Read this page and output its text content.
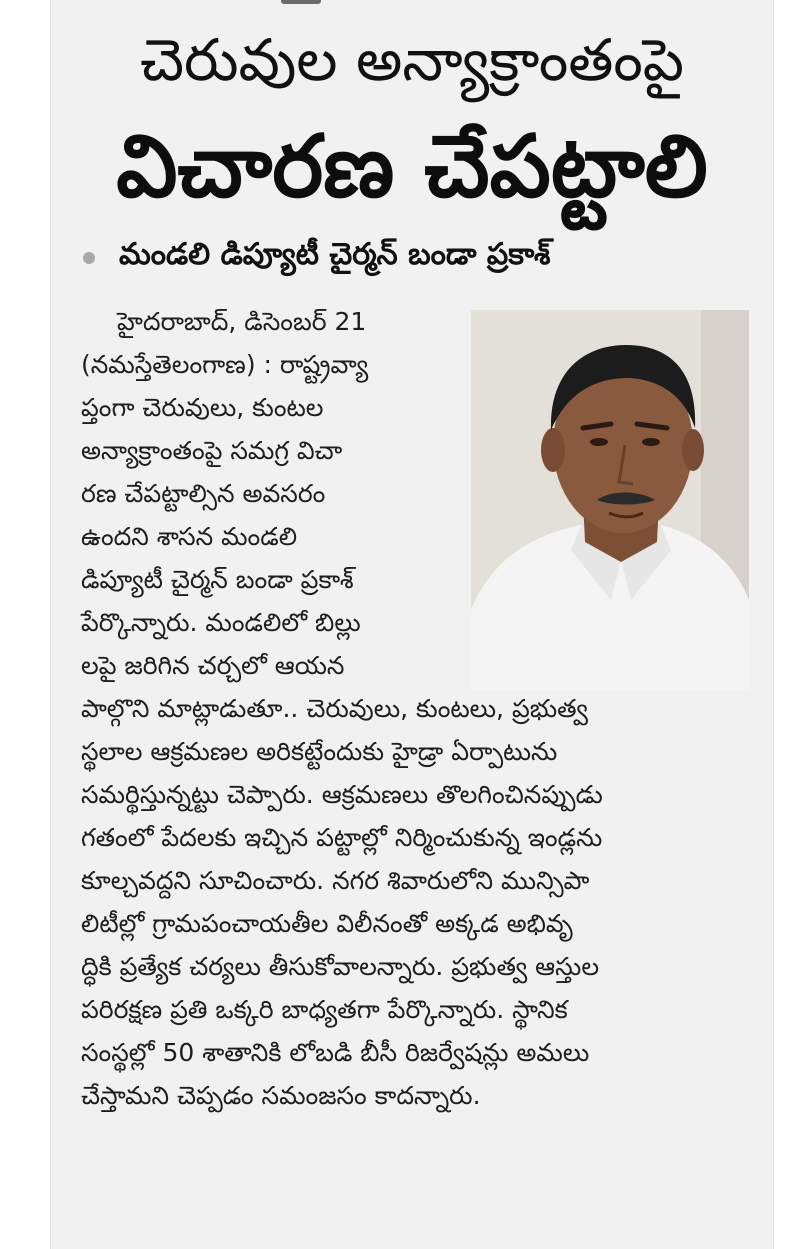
చెరువుల అన్యాక్రాంతంపై
విచారణ చేపట్టాలి
మండలి డిప్యూటీ చైర్మన్‌ బండా ప్రకాశ్‌
హైదరాబాద్‌, డిసెంబర్‌ 21
(నమస్తేతెలంగాణ) : రాష్ట్రవ్యా
ప్తంగా చెరువులు, కుంటల
అన్యాక్రాంతంపై సమగ్ర విచా
రణ చేపట్టాల్సిన అవసరం
ఉందని శాసన మండలి
డిప్యూటీ చైర్మన్‌ బండా ప్రకాశ్‌
పేర్కొన్నారు. మండలిలో బిల్లు
లపై జరిగిన చర్చలో ఆయన
పాల్గొని మాట్లాడుతూ.. చెరువులు, కుంటలు, ప్రభుత్వ
స్థలాల ఆక్రమణల అరికట్టేందుకు హైడ్రా ఏర్పాటును
సమర్థిస్తున్నట్టు చెప్పారు. ఆక్రమణలు తొలగించినప్పుడు
గతంలో పేదలకు ఇచ్చిన పట్టాల్లో నిర్మించుకున్న ఇండ్లను
కూల్చవద్దని సూచించారు. నగర శివారులోని మున్సిపా
లిటీల్లో గ్రామపంచాయతీల విలీనంతో అక్కడ అభివృ
ద్ధికి ప్రత్యేక చర్యలు తీసుకోవాలన్నారు. ప్రభుత్వ ఆస్తుల
పరిరక్షణ ప్రతి ఒక్కరి బాధ్యతగా పేర్కొన్నారు. స్థానిక
సంస్థల్లో 50 శాతానికి లోబడి బీసీ రిజర్వేషన్లు అమలు
చేస్తామని చెప్పడం సమంజసం కాదన్నారు.
